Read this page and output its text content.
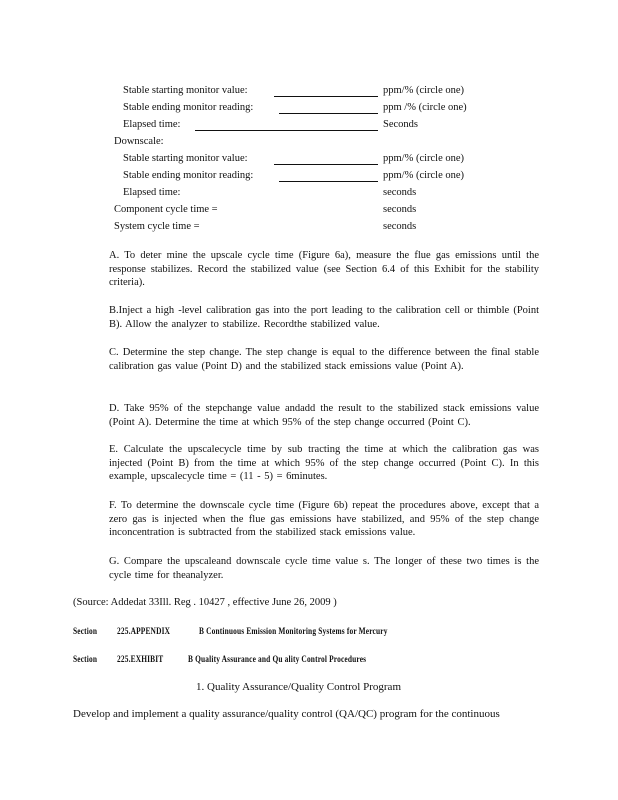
Stable starting monitor value:	ppm/% (circle one)
Stable ending monitor reading:	ppm /% (circle one)
Elapsed time:	Seconds
Downscale:
Stable starting monitor value:	ppm/% (circle one)
Stable ending monitor reading:	ppm/% (circle one)
Elapsed time:	seconds
Component cycle time =	seconds
System cycle time =	seconds
A. To deter mine the upscale cycle time (Figure 6a), measure the flue gas emissions until the response stabilizes. Record the stabilized value (see Section 6.4 of this Exhibit for the stability criteria).
B.Inject a high -level calibration gas into the port leading to the calibration cell or thimble (Point B). Allow the analyzer to stabilize. Recordthe stabilized value.
C. Determine the step change. The step change is equal to the difference between the final stable calibration gas value (Point D) and the stabilized stack emissions value (Point A).
D. Take 95% of the stepchange value andadd the result to the stabilized stack emissions value (Point A). Determine the time at which 95% of the step change occurred (Point C).
E. Calculate the upscalecycle time by sub tracting the time at which the calibration gas was injected (Point B) from the time at which 95% of the step change occurred (Point C). In this example, upscalecycle time = (11 - 5) = 6minutes.
F. To determine the downscale cycle time (Figure 6b) repeat the procedures above, except that a zero gas is injected when the flue gas emissions have stabilized, and 95% of the step change inconcentration is subtracted from the stabilized stack emissions value.
G. Compare the upscaleand downscale cycle time value s. The longer of these two times is the cycle time for theanalyzer.
(Source: Addedat 33Ill. Reg . 10427 , effective June 26, 2009 )
Section 225.APPENDIX	B Continuous Emission Monitoring Systems for Mercury
Section 225.EXHIBIT	B Quality Assurance and Qu ality Control Procedures
1. Quality Assurance/Quality Control Program
Develop and implement a quality assurance/quality control (QA/QC) program for the continuous
